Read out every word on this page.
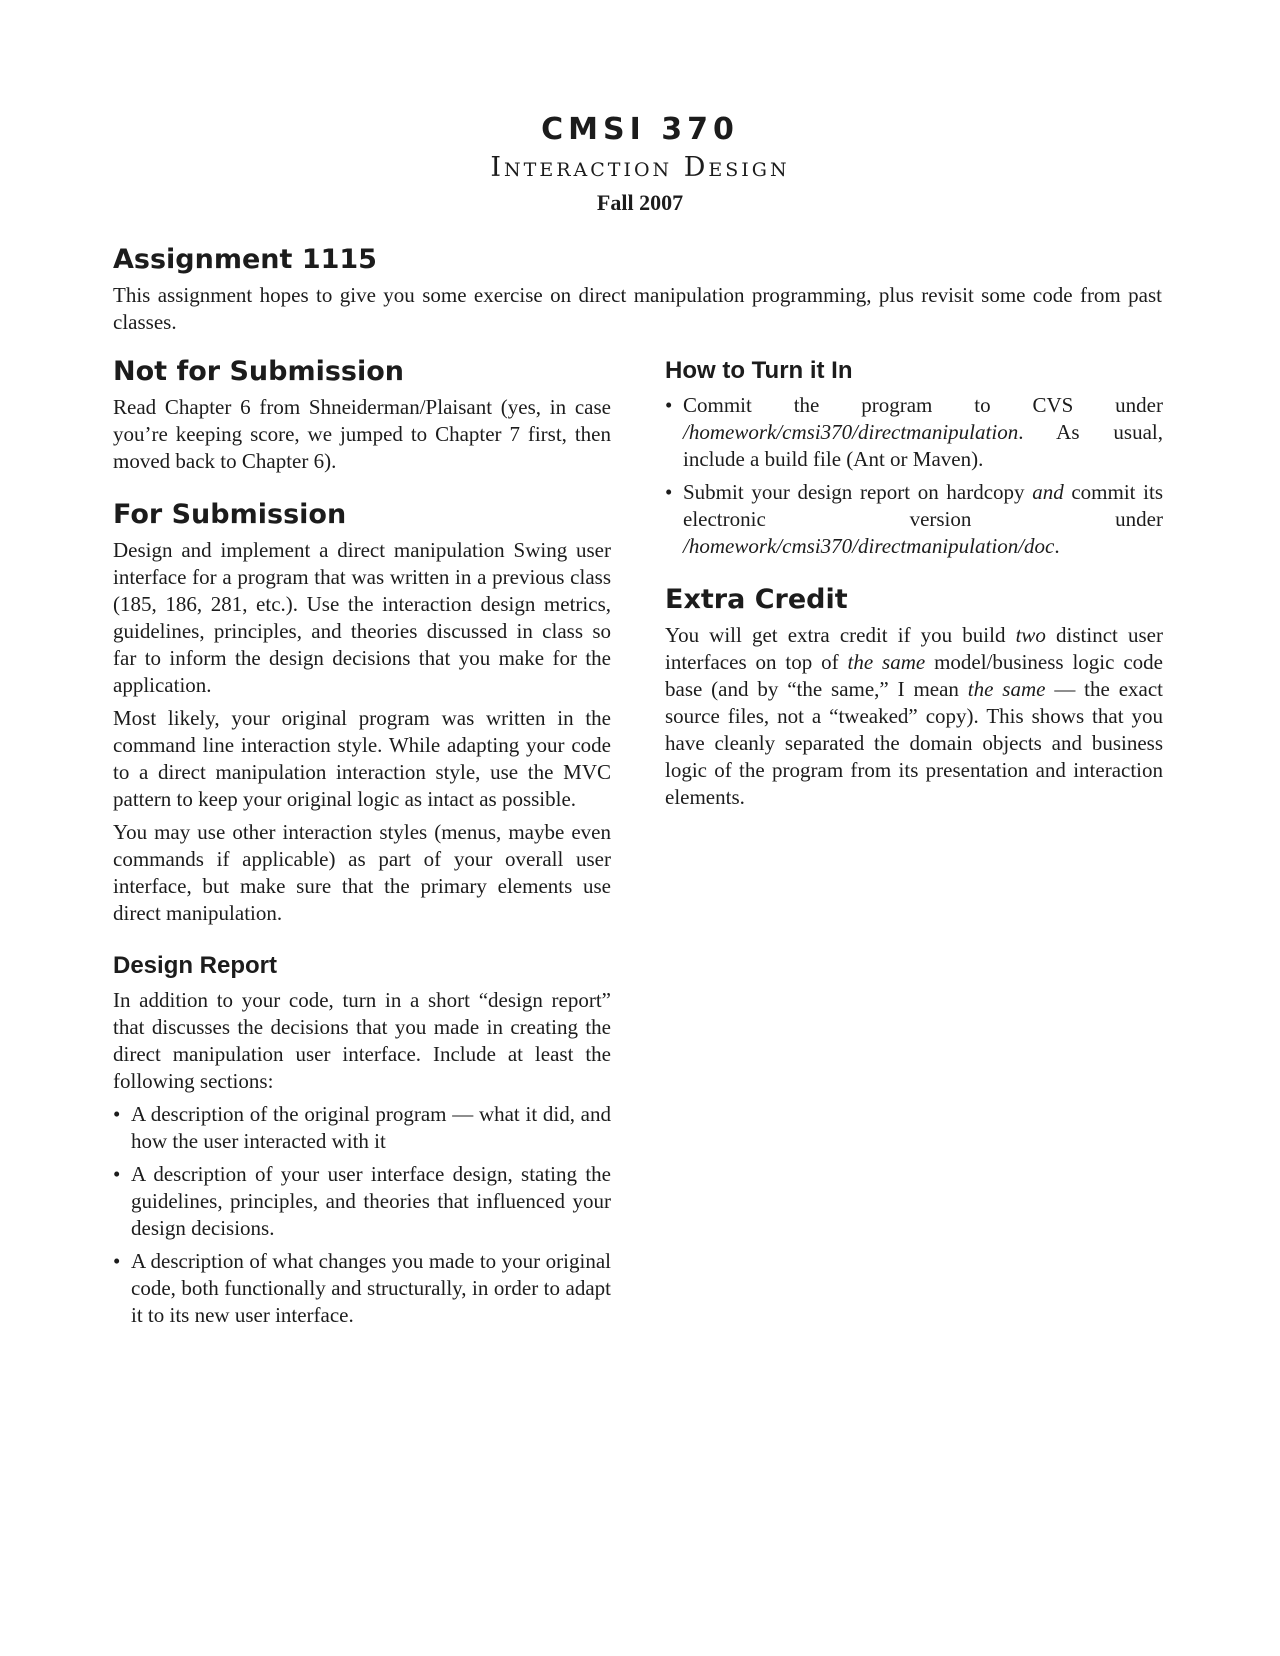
CMSI 370
Interaction Design
Fall 2007
Assignment 1115

This assignment hopes to give you some exercise on direct manipulation programming, plus revisit some code from past classes.

Not for Submission

Read Chapter 6 from Shneiderman/Plaisant (yes, in case you’re keeping score, we jumped to Chapter 7 first, then moved back to Chapter 6).

For Submission

Design and implement a direct manipulation Swing user interface for a program that was written in a previous class (185, 186, 281, etc.). Use the interaction design metrics, guidelines, principles, and theories discussed in class so far to inform the design decisions that you make for the application.

Most likely, your original program was written in the command line interaction style. While adapting your code to a direct manipulation interaction style, use the MVC pattern to keep your original logic as intact as possible.

You may use other interaction styles (menus, maybe even commands if applicable) as part of your overall user interface, but make sure that the primary elements use direct manipulation.

Design Report

In addition to your code, turn in a short “design report” that discusses the decisions that you made in creating the direct manipulation user interface. Include at least the following sections:

• A description of the original program — what it did, and how the user interacted with it
• A description of your user interface design, stating the guidelines, principles, and theories that influenced your design decisions.
• A description of what changes you made to your original code, both functionally and structurally, in order to adapt it to its new user interface.
How to Turn it In
• Commit the program to CVS under /homework/cmsi370/directmanipulation. As usual, include a build file (Ant or Maven).
• Submit your design report on hardcopy and commit its electronic version under /homework/cmsi370/directmanipulation/doc.
Extra Credit

You will get extra credit if you build two distinct user interfaces on top of the same model/business logic code base (and by “the same,” I mean the same — the exact source files, not a “tweaked” copy). This shows that you have cleanly separated the domain objects and business logic of the program from its presentation and interaction elements.
